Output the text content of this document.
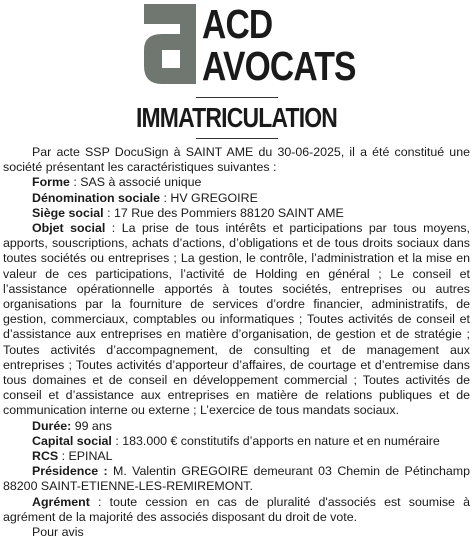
ACD
AVOCATS
IMMATRICULATION

Par acte SSP DocuSign à SAINT AME du 30-06-2025, il a été constitué une société présentant les caractéristiques suivantes :

Forme : SAS à associé unique

Dénomination sociale : HV GREGOIRE

Siège social : 17 Rue des Pommiers 88120 SAINT AME

Objet social : La prise de tous intérêts et participations par tous moyens, apports, souscriptions, achats d’actions, d’obligations et de tous droits sociaux dans toutes sociétés ou entreprises ; La gestion, le contrôle, l’administration et la mise en valeur de ces participations, l’activité de Holding en général ; Le conseil et l’assistance opérationnelle apportés à toutes sociétés, entreprises ou autres organisations par la fourniture de services d’ordre financier, administratifs, de gestion, commerciaux, comptables ou informatiques ; Toutes activités de conseil et d’assistance aux entreprises en matière d’organisation, de gestion et de stratégie ; Toutes activités d’accompagnement, de consulting et de management aux entreprises ; Toutes activités d’apporteur d’affaires, de courtage et d’entremise dans tous domaines et de conseil en développement commercial ; Toutes activités de conseil et d’assistance aux entreprises en matière de relations publiques et de communication interne ou externe ; L’exercice de tous mandats sociaux.

Durée: 99 ans

Capital social : 183.000 € constitutifs d’apports en nature et en numéraire

RCS : EPINAL

Présidence : M. Valentin GREGOIRE demeurant 03 Chemin de Pétinchamp 88200 SAINT-ETIENNE-LES-REMIREMONT.

Agrément : toute cession en cas de pluralité d'associés est soumise à agrément de la majorité des associés disposant du droit de vote.

Pour avis
